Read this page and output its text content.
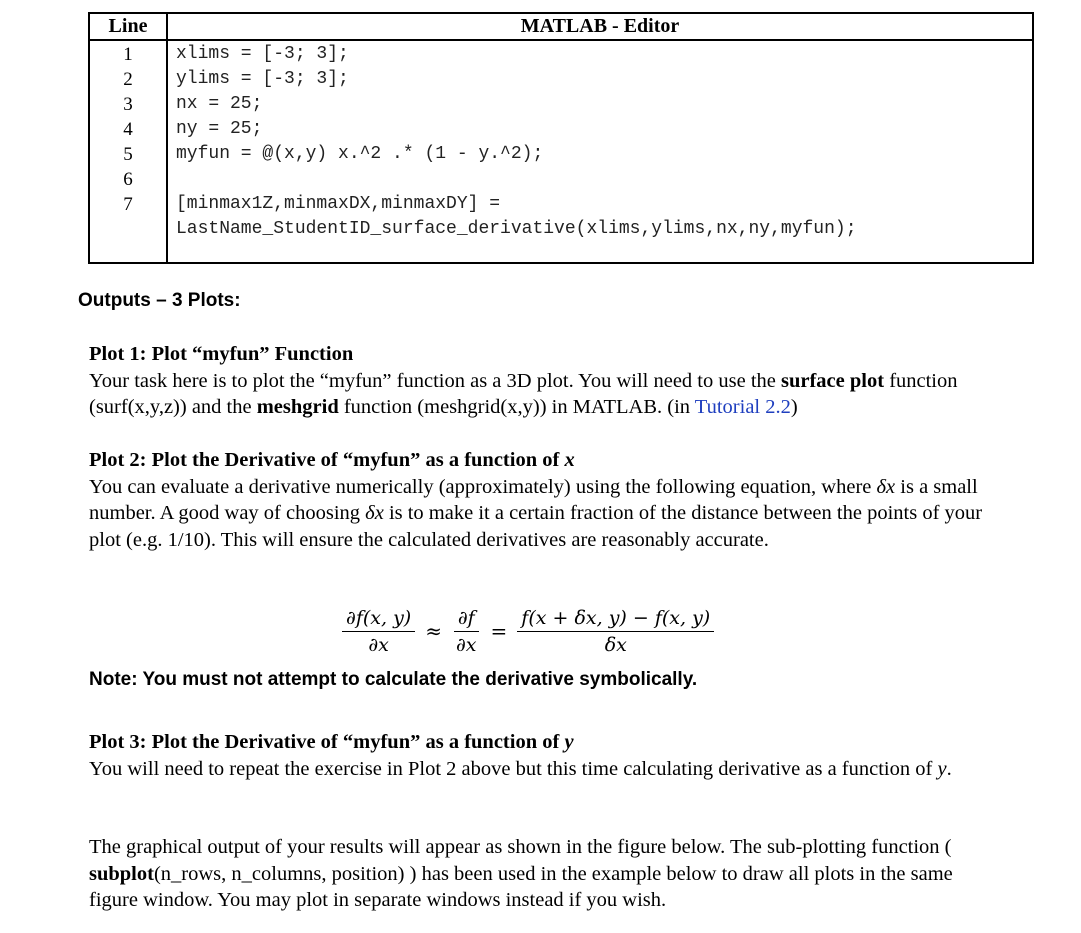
Line	MATLAB - Editor
1
2
3
4
5
6
7
xlims = [-3; 3];
ylims = [-3; 3];
nx = 25;
ny = 25;
myfun = @(x,y) x.^2 .* (1 - y.^2);
[minmax1Z,minmaxDX,minmaxDY] =
LastName_StudentID_surface_derivative(xlims,ylims,nx,ny,myfun);
Outputs – 3 Plots:

Plot 1: Plot “myfun” Function

Your task here is to plot the “myfun” function as a 3D plot. You will need to use the surface plot function (surf(x,y,z)) and the meshgrid function (meshgrid(x,y)) in MATLAB. (in Tutorial 2.2)

Plot 2: Plot the Derivative of “myfun” as a function of x

You can evaluate a derivative numerically (approximately) using the following equation, where δx is a small number. A good way of choosing δx is to make it a certain fraction of the distance between the points of your plot (e.g. 1/10). This will ensure the calculated derivatives are reasonably accurate.

$\frac{\partial f(x, y)}{\partial x} \approx \frac{\partial f}{\partial x} = \frac{f(x + \delta x, y) - f(x, y)}{\delta x}$
Note: You must not attempt to calculate the derivative symbolically.

Plot 3: Plot the Derivative of “myfun” as a function of y

You will need to repeat the exercise in Plot 2 above but this time calculating derivative as a function of y.

The graphical output of your results will appear as shown in the figure below. The sub-plotting function ( subplot(n_rows, n_columns, position) ) has been used in the example below to draw all plots in the same figure window. You may plot in separate windows instead if you wish.
